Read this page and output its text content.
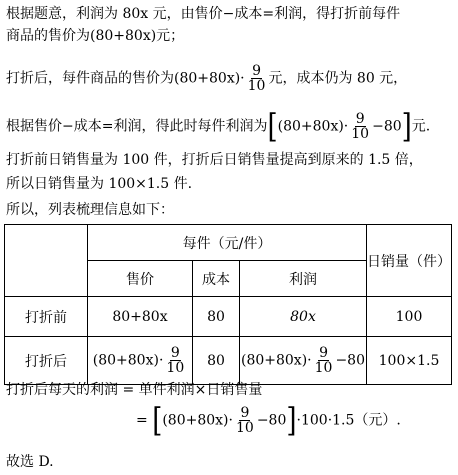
根据题意，利润为 80x 元，由售价−成本=利润，得打折前每件
商品的售价为(80+80x)元；
打折后，每件商品的售价为$(80+80x)\cdot \frac{9}{10}$ 元，成本仍为 80 元，
根据售价−成本=利润，得此时每件利润为$[(80+80x)\cdot \frac{9}{10} -80]$元.
打折前日销售量为 100 件，打折后日销售量提高到原来的 1.5 倍，
所以日销售量为 100×1.5 件.
所以，列表梳理信息如下：
	每件（元/件）			日销量（件）
	售价	成本	利润	
打折前	80+80x	80	80x	100
打折后	$(80+80x)\cdot \frac{9}{10}$	80	$(80+80x)\cdot \frac{9}{10} -80$	100×1.5
打折后每天的利润 = 单件利润×日销售量
= $[(80+80x)\cdot \frac{9}{10} -80]\cdot 100\cdot 1.5$（元）.
故选 D.
